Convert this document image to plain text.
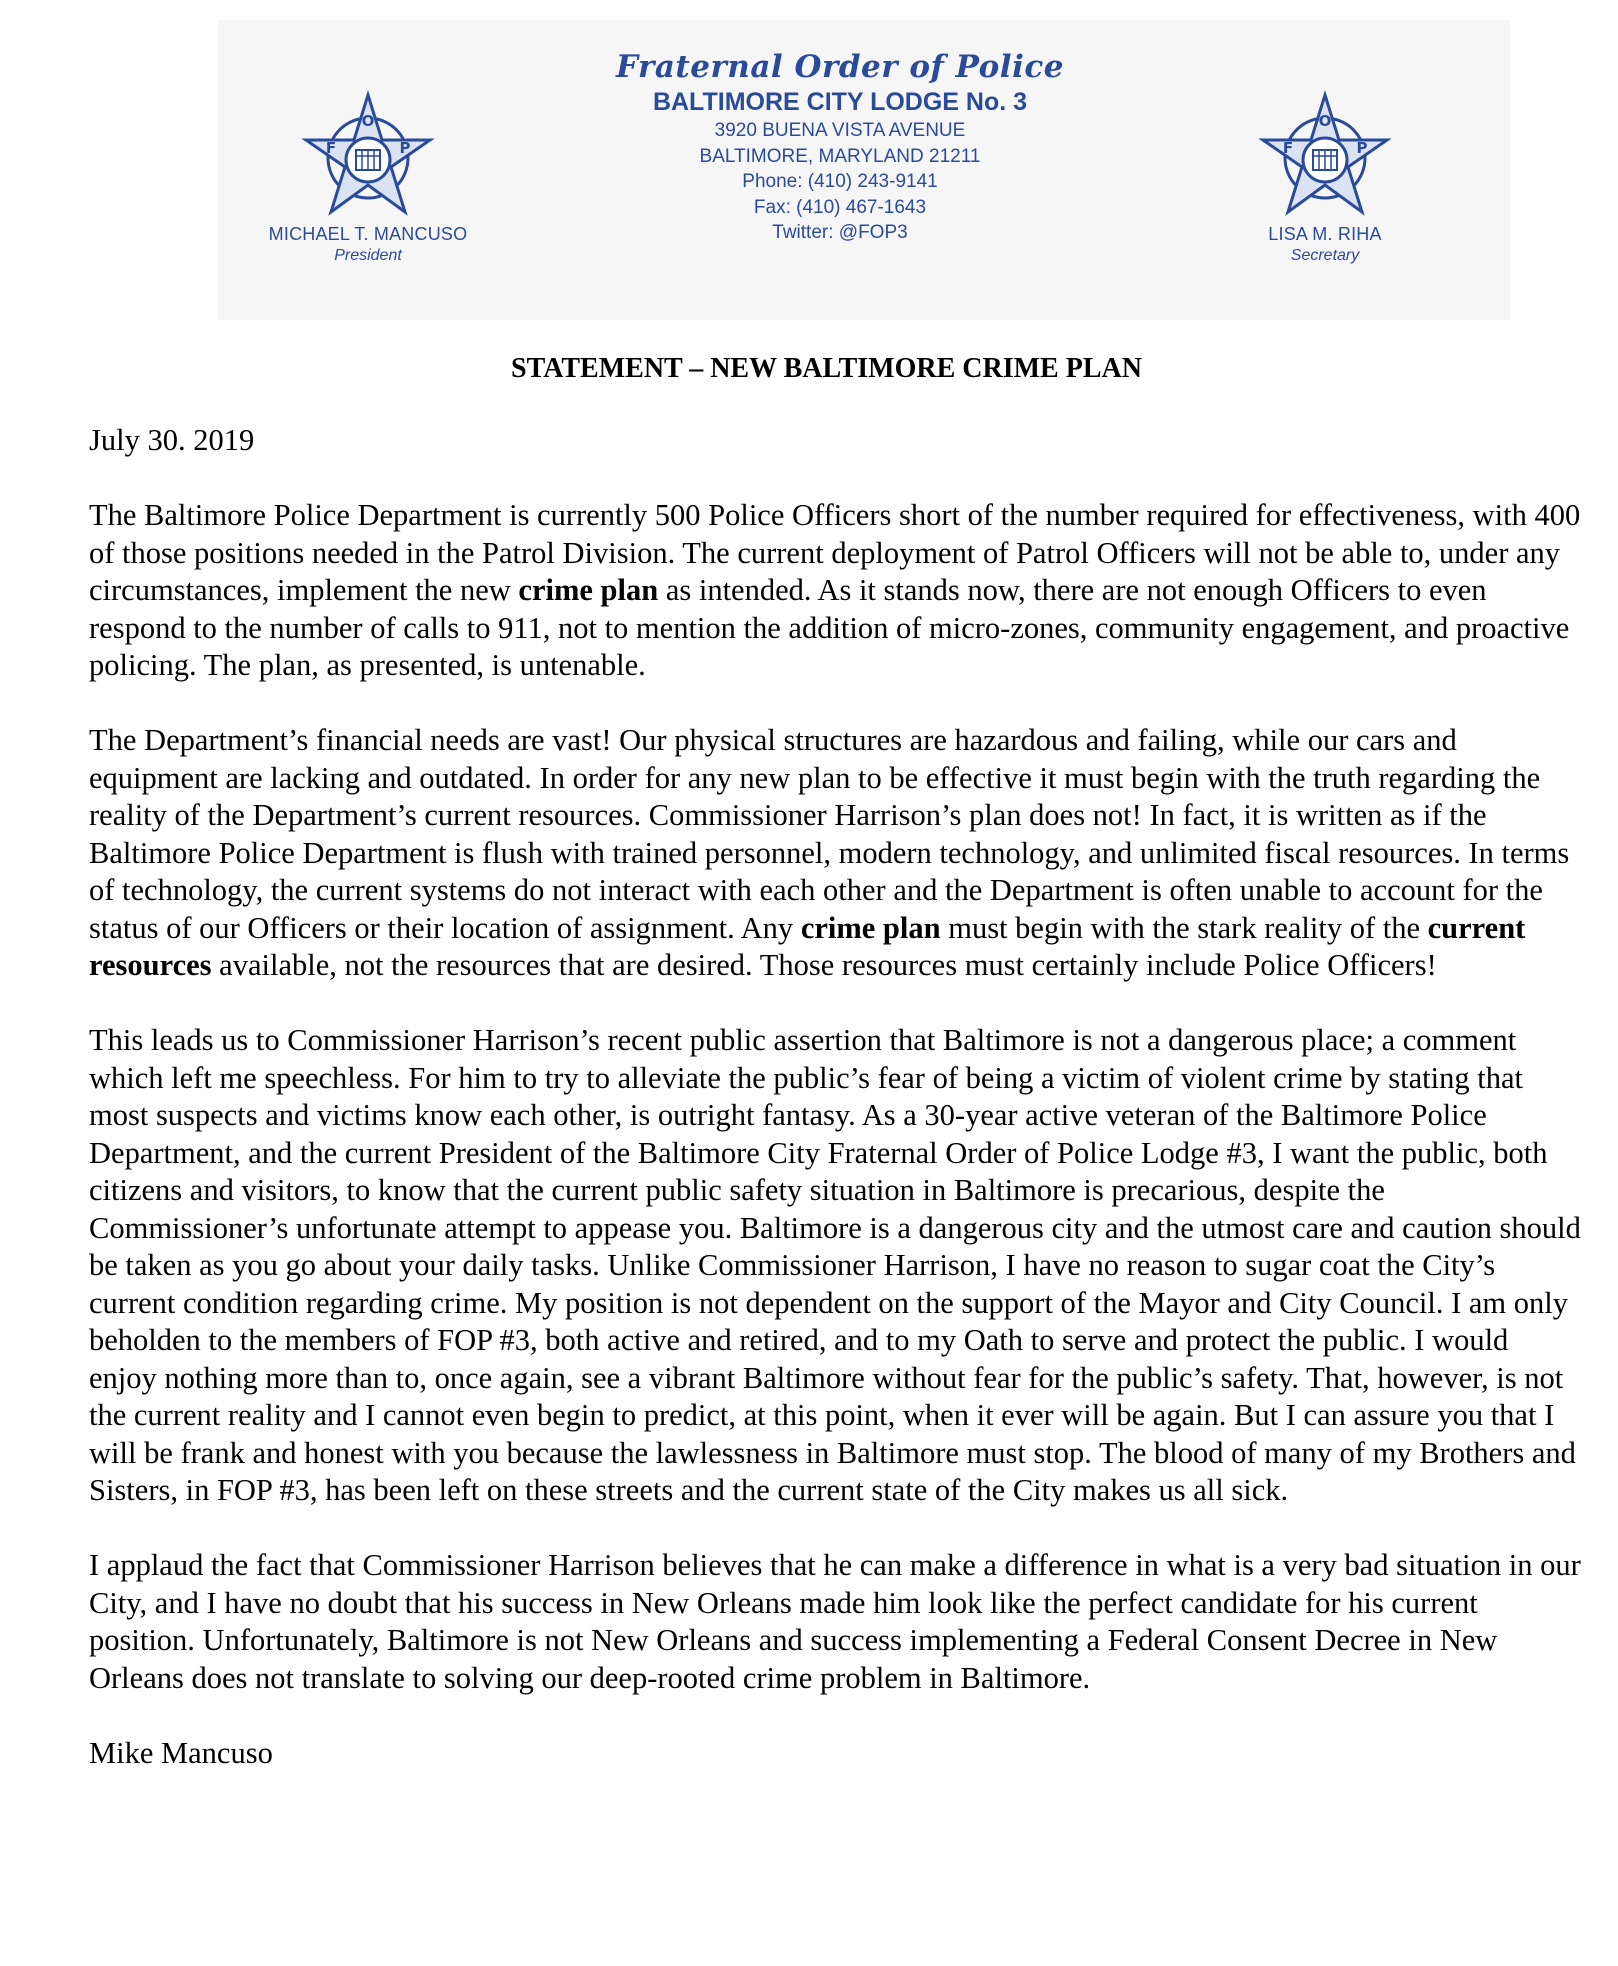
O
F	P
MICHAEL T. MANCUSO
President
Fraternal Order of Police
BALTIMORE CITY LODGE No. 3
3920 BUENA VISTA AVENUE
BALTIMORE, MARYLAND 21211
Phone: (410) 243-9141
Fax: (410) 467-1643
Twitter: @FOP3
O
F	P
LISA M. RIHA
Secretary
STATEMENT – NEW BALTIMORE CRIME PLAN
July 30. 2019

The Baltimore Police Department is currently 500 Police Officers short of the number required for effectiveness, with 400 of those positions needed in the Patrol Division. The current deployment of Patrol Officers will not be able to, under any circumstances, implement the new crime plan as intended. As it stands now, there are not enough Officers to even respond to the number of calls to 911, not to mention the addition of micro-zones, community engagement, and proactive policing. The plan, as presented, is untenable.

The Department’s financial needs are vast! Our physical structures are hazardous and failing, while our cars and equipment are lacking and outdated. In order for any new plan to be effective it must begin with the truth regarding the reality of the Department’s current resources. Commissioner Harrison’s plan does not! In fact, it is written as if the Baltimore Police Department is flush with trained personnel, modern technology, and unlimited fiscal resources. In terms of technology, the current systems do not interact with each other and the Department is often unable to account for the status of our Officers or their location of assignment. Any crime plan must begin with the stark reality of the current resources available, not the resources that are desired. Those resources must certainly include Police Officers!

This leads us to Commissioner Harrison’s recent public assertion that Baltimore is not a dangerous place; a comment which left me speechless. For him to try to alleviate the public’s fear of being a victim of violent crime by stating that most suspects and victims know each other, is outright fantasy. As a 30-year active veteran of the Baltimore Police Department, and the current President of the Baltimore City Fraternal Order of Police Lodge #3, I want the public, both citizens and visitors, to know that the current public safety situation in Baltimore is precarious, despite the Commissioner’s unfortunate attempt to appease you. Baltimore is a dangerous city and the utmost care and caution should be taken as you go about your daily tasks. Unlike Commissioner Harrison, I have no reason to sugar coat the City’s current condition regarding crime. My position is not dependent on the support of the Mayor and City Council. I am only beholden to the members of FOP #3, both active and retired, and to my Oath to serve and protect the public. I would enjoy nothing more than to, once again, see a vibrant Baltimore without fear for the public’s safety. That, however, is not the current reality and I cannot even begin to predict, at this point, when it ever will be again. But I can assure you that I will be frank and honest with you because the lawlessness in Baltimore must stop. The blood of many of my Brothers and Sisters, in FOP #3, has been left on these streets and the current state of the City makes us all sick.

I applaud the fact that Commissioner Harrison believes that he can make a difference in what is a very bad situation in our City, and I have no doubt that his success in New Orleans made him look like the perfect candidate for his current position. Unfortunately, Baltimore is not New Orleans and success implementing a Federal Consent Decree in New Orleans does not translate to solving our deep-rooted crime problem in Baltimore.

Mike Mancuso
